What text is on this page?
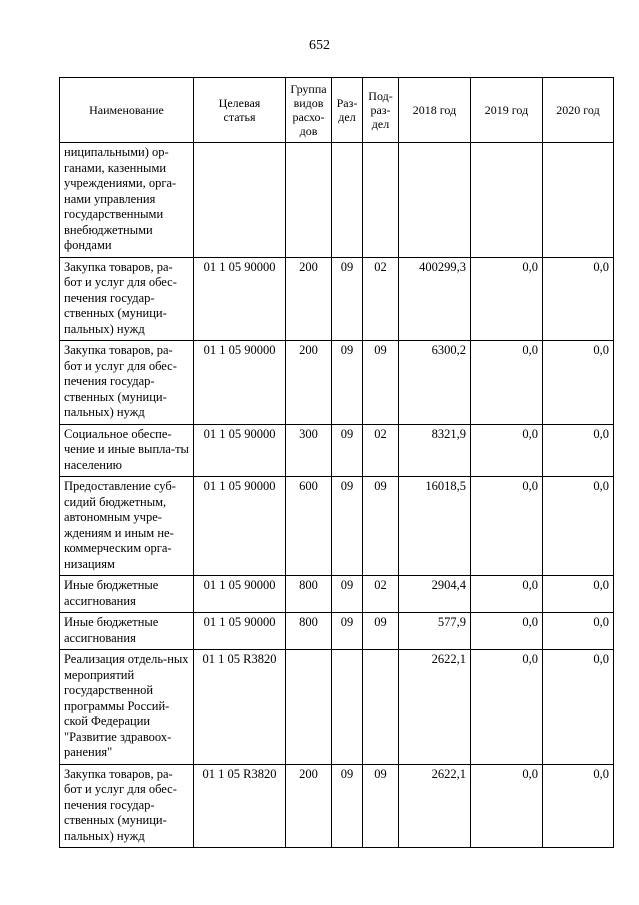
652
Наименование	Целевая статья	Группа видов расхо-дов	Раз-дел	Под-раз-дел	2018 год	2019 год	2020 год
ниципальными) ор-ганами, казенными учреждениями, орга-нами управления государственными внебюджетными фондами							
Закупка товаров, ра-бот и услуг для обес-печения государ-ственных (муници-пальных) нужд	01 1 05 90000	200	09	02	400299,3	0,0	0,0
Закупка товаров, ра-бот и услуг для обес-печения государ-ственных (муници-пальных) нужд	01 1 05 90000	200	09	09	6300,2	0,0	0,0
Социальное обеспе-чение и иные выпла-ты населению	01 1 05 90000	300	09	02	8321,9	0,0	0,0
Предоставление суб-сидий бюджетным, автономным учре-ждениям и иным не-коммерческим орга-низациям	01 1 05 90000	600	09	09	16018,5	0,0	0,0
Иные бюджетные ассигнования	01 1 05 90000	800	09	02	2904,4	0,0	0,0
Иные бюджетные ассигнования	01 1 05 90000	800	09	09	577,9	0,0	0,0
Реализация отдель-ных мероприятий государственной программы Россий-ской Федерации "Развитие здравоох-ранения"	01 1 05 R3820				2622,1	0,0	0,0
Закупка товаров, ра-бот и услуг для обес-печения государ-ственных (муници-пальных) нужд	01 1 05 R3820	200	09	09	2622,1	0,0	0,0
